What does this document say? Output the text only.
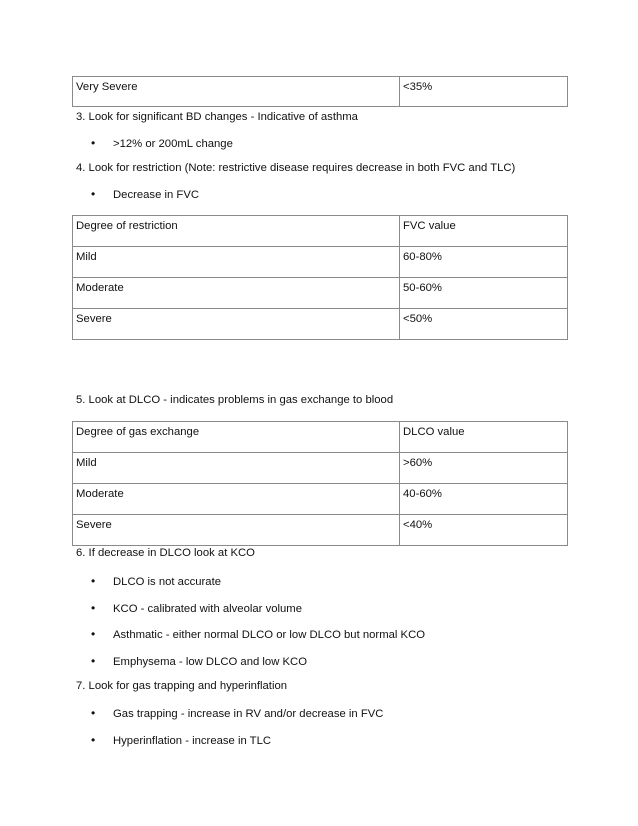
Very Severe	<35%

3. Look for significant BD changes - Indicative of asthma

• >12% or 200mL change

4. Look for restriction (Note: restrictive disease requires decrease in both FVC and TLC)

• Decrease in FVC

Degree of restriction	FVC value
Mild	60-80%
Moderate	50-60%
Severe	<50%

5. Look at DLCO - indicates problems in gas exchange to blood

Degree of gas exchange	DLCO value
Mild	>60%
Moderate	40-60%
Severe	<40%

6. If decrease in DLCO look at KCO

• DLCO is not accurate

• KCO - calibrated with alveolar volume

• Asthmatic - either normal DLCO or low DLCO but normal KCO

• Emphysema - low DLCO and low KCO

7. Look for gas trapping and hyperinflation

• Gas trapping - increase in RV and/or decrease in FVC

• Hyperinflation - increase in TLC
